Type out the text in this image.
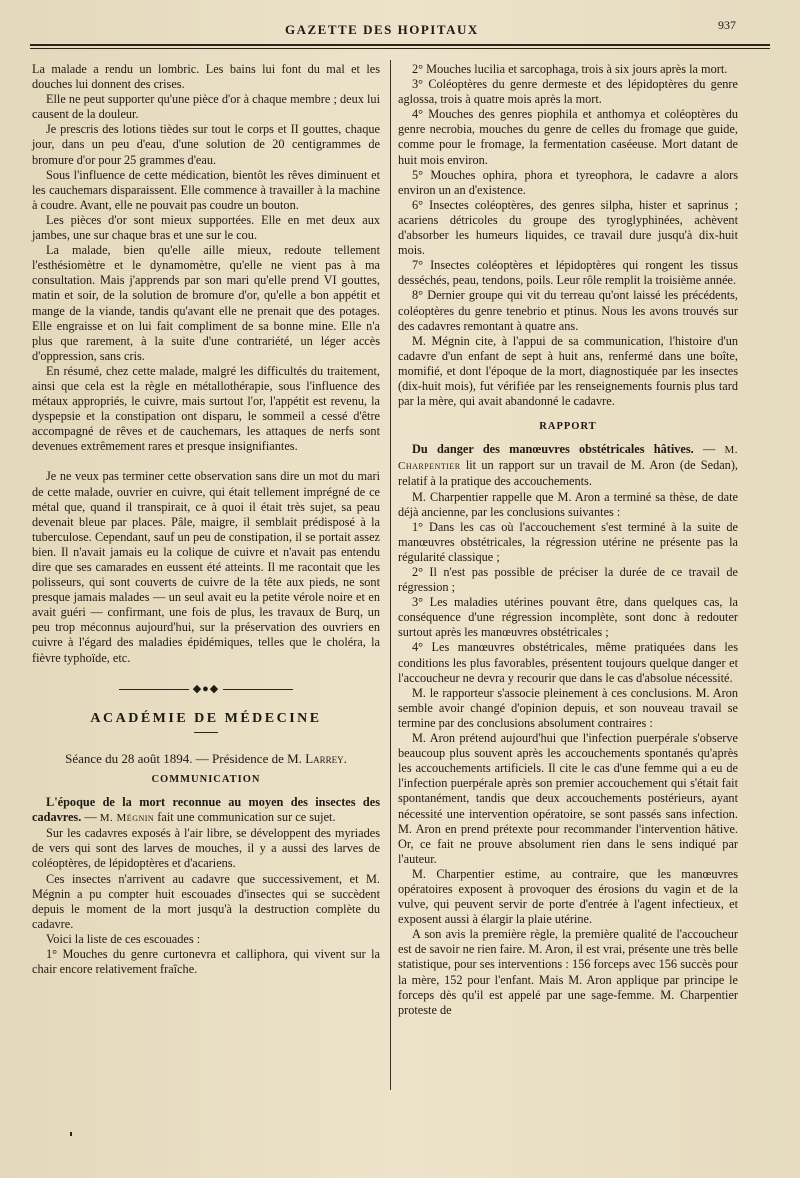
GAZETTE DES HOPITAUX	937

La malade a rendu un lombric. Les bains lui font du mal et les douches lui donnent des crises.

Elle ne peut supporter qu'une pièce d'or à chaque membre ; deux lui causent de la douleur.

Je prescris des lotions tièdes sur tout le corps et II gouttes, chaque jour, dans un peu d'eau, d'une solution de 20 centigrammes de bromure d'or pour 25 grammes d'eau.

Sous l'influence de cette médication, bientôt les rêves diminuent et les cauchemars disparaissent. Elle commence à travailler à la machine à coudre. Avant, elle ne pouvait pas coudre un bouton.

Les pièces d'or sont mieux supportées. Elle en met deux aux jambes, une sur chaque bras et une sur le cou.

La malade, bien qu'elle aille mieux, redoute tellement l'esthésiomètre et le dynamomètre, qu'elle ne vient pas à ma consultation. Mais j'apprends par son mari qu'elle prend VI gouttes, matin et soir, de la solution de bromure d'or, qu'elle a bon appétit et mange de la viande, tandis qu'avant elle ne prenait que des potages. Elle engraisse et on lui fait compliment de sa bonne mine. Elle n'a plus que rarement, à la suite d'une contrariété, un léger accès d'oppression, sans cris.

En résumé, chez cette malade, malgré les difficultés du traitement, ainsi que cela est la règle en métallothérapie, sous l'influence des métaux appropriés, le cuivre, mais surtout l'or, l'appétit est revenu, la dyspepsie et la constipation ont disparu, le sommeil a cessé d'être accompagné de rêves et de cauchemars, les attaques de nerfs sont devenues extrêmement rares et presque insignifiantes.

Je ne veux pas terminer cette observation sans dire un mot du mari de cette malade, ouvrier en cuivre, qui était tellement imprégné de ce métal que, quand il transpirait, ce à quoi il était très sujet, sa peau devenait bleue par places. Pâle, maigre, il semblait prédisposé à la tuberculose. Cependant, sauf un peu de constipation, il se portait assez bien. Il n'avait jamais eu la colique de cuivre et n'avait pas entendu dire que ses camarades en eussent été atteints. Il me racontait que les polisseurs, qui sont couverts de cuivre de la tête aux pieds, ne sont presque jamais malades — un seul avait eu la petite vérole noire et en avait guéri — confirmant, une fois de plus, les travaux de Burq, un peu trop méconnus aujourd'hui, sur la préservation des ouvriers en cuivre à l'égard des maladies épidémiques, telles que le choléra, la fièvre typhoïde, etc.

◆●◆
ACADÉMIE DE MÉDECINE
Séance du 28 août 1894. — Présidence de M. Larrey.
COMMUNICATION

L'époque de la mort reconnue au moyen des insectes des cadavres. — M. Mégnin fait une communication sur ce sujet.

Sur les cadavres exposés à l'air libre, se développent des myriades de vers qui sont des larves de mouches, il y a aussi des larves de coléoptères, de lépidoptères et d'acariens.

Ces insectes n'arrivent au cadavre que successivement, et M. Mégnin a pu compter huit escouades d'insectes qui se succèdent depuis le moment de la mort jusqu'à la destruction complète du cadavre.

Voici la liste de ces escouades :

1° Mouches du genre curtonevra et calliphora, qui vivent sur la chair encore relativement fraîche.

2° Mouches lucilia et sarcophaga, trois à six jours après la mort.

3° Coléoptères du genre dermeste et des lépidoptères du genre aglossa, trois à quatre mois après la mort.

4° Mouches des genres piophila et anthomya et coléoptères du genre necrobia, mouches du genre de celles du fromage que guide, comme pour le fromage, la fermentation caséeuse. Mort datant de huit mois environ.

5° Mouches ophira, phora et tyreophora, le cadavre a alors environ un an d'existence.

6° Insectes coléoptères, des genres silpha, hister et saprinus ; acariens détricoles du groupe des tyroglyphinées, achèvent d'absorber les humeurs liquides, ce travail dure jusqu'à dix-huit mois.

7° Insectes coléoptères et lépidoptères qui rongent les tissus desséchés, peau, tendons, poils. Leur rôle remplit la troisième année.

8° Dernier groupe qui vit du terreau qu'ont laissé les précédents, coléoptères du genre tenebrio et ptinus. Nous les avons trouvés sur des cadavres remontant à quatre ans.

M. Mégnin cite, à l'appui de sa communication, l'histoire d'un cadavre d'un enfant de sept à huit ans, renfermé dans une boîte, momifié, et dont l'époque de la mort, diagnostiquée par les insectes (dix-huit mois), fut vérifiée par les renseignements fournis plus tard par la mère, qui avait abandonné le cadavre.

RAPPORT

Du danger des manœuvres obstétricales hâtives. — M. Charpentier lit un rapport sur un travail de M. Aron (de Sedan), relatif à la pratique des accouchements.

M. Charpentier rappelle que M. Aron a terminé sa thèse, de date déjà ancienne, par les conclusions suivantes :

1° Dans les cas où l'accouchement s'est terminé à la suite de manœuvres obstétricales, la régression utérine ne présente pas la régularité classique ;

2° Il n'est pas possible de préciser la durée de ce travail de régression ;

3° Les maladies utérines pouvant être, dans quelques cas, la conséquence d'une régression incomplète, sont donc à redouter surtout après les manœuvres obstétricales ;

4° Les manœuvres obstétricales, même pratiquées dans les conditions les plus favorables, présentent toujours quelque danger et l'accoucheur ne devra y recourir que dans le cas d'absolue nécessité.

M. le rapporteur s'associe pleinement à ces conclusions. M. Aron semble avoir changé d'opinion depuis, et son nouveau travail se termine par des conclusions absolument contraires :

M. Aron prétend aujourd'hui que l'infection puerpérale s'observe beaucoup plus souvent après les accouchements spontanés qu'après les accouchements artificiels. Il cite le cas d'une femme qui a eu de l'infection puerpérale après son premier accouchement qui s'était fait spontanément, tandis que deux accouchements postérieurs, ayant nécessité une intervention opératoire, se sont passés sans infection. M. Aron en prend prétexte pour recommander l'intervention hâtive. Or, ce fait ne prouve absolument rien dans le sens indiqué par l'auteur.

M. Charpentier estime, au contraire, que les manœuvres opératoires exposent à provoquer des érosions du vagin et de la vulve, qui peuvent servir de porte d'entrée à l'agent infectieux, et exposent aussi à élargir la plaie utérine.

A son avis la première règle, la première qualité de l'accoucheur est de savoir ne rien faire. M. Aron, il est vrai, présente une très belle statistique, pour ses interventions : 156 forceps avec 156 succès pour la mère, 152 pour l'enfant. Mais M. Aron applique par principe le forceps dès qu'il est appelé par une sage-femme. M. Charpentier proteste de
